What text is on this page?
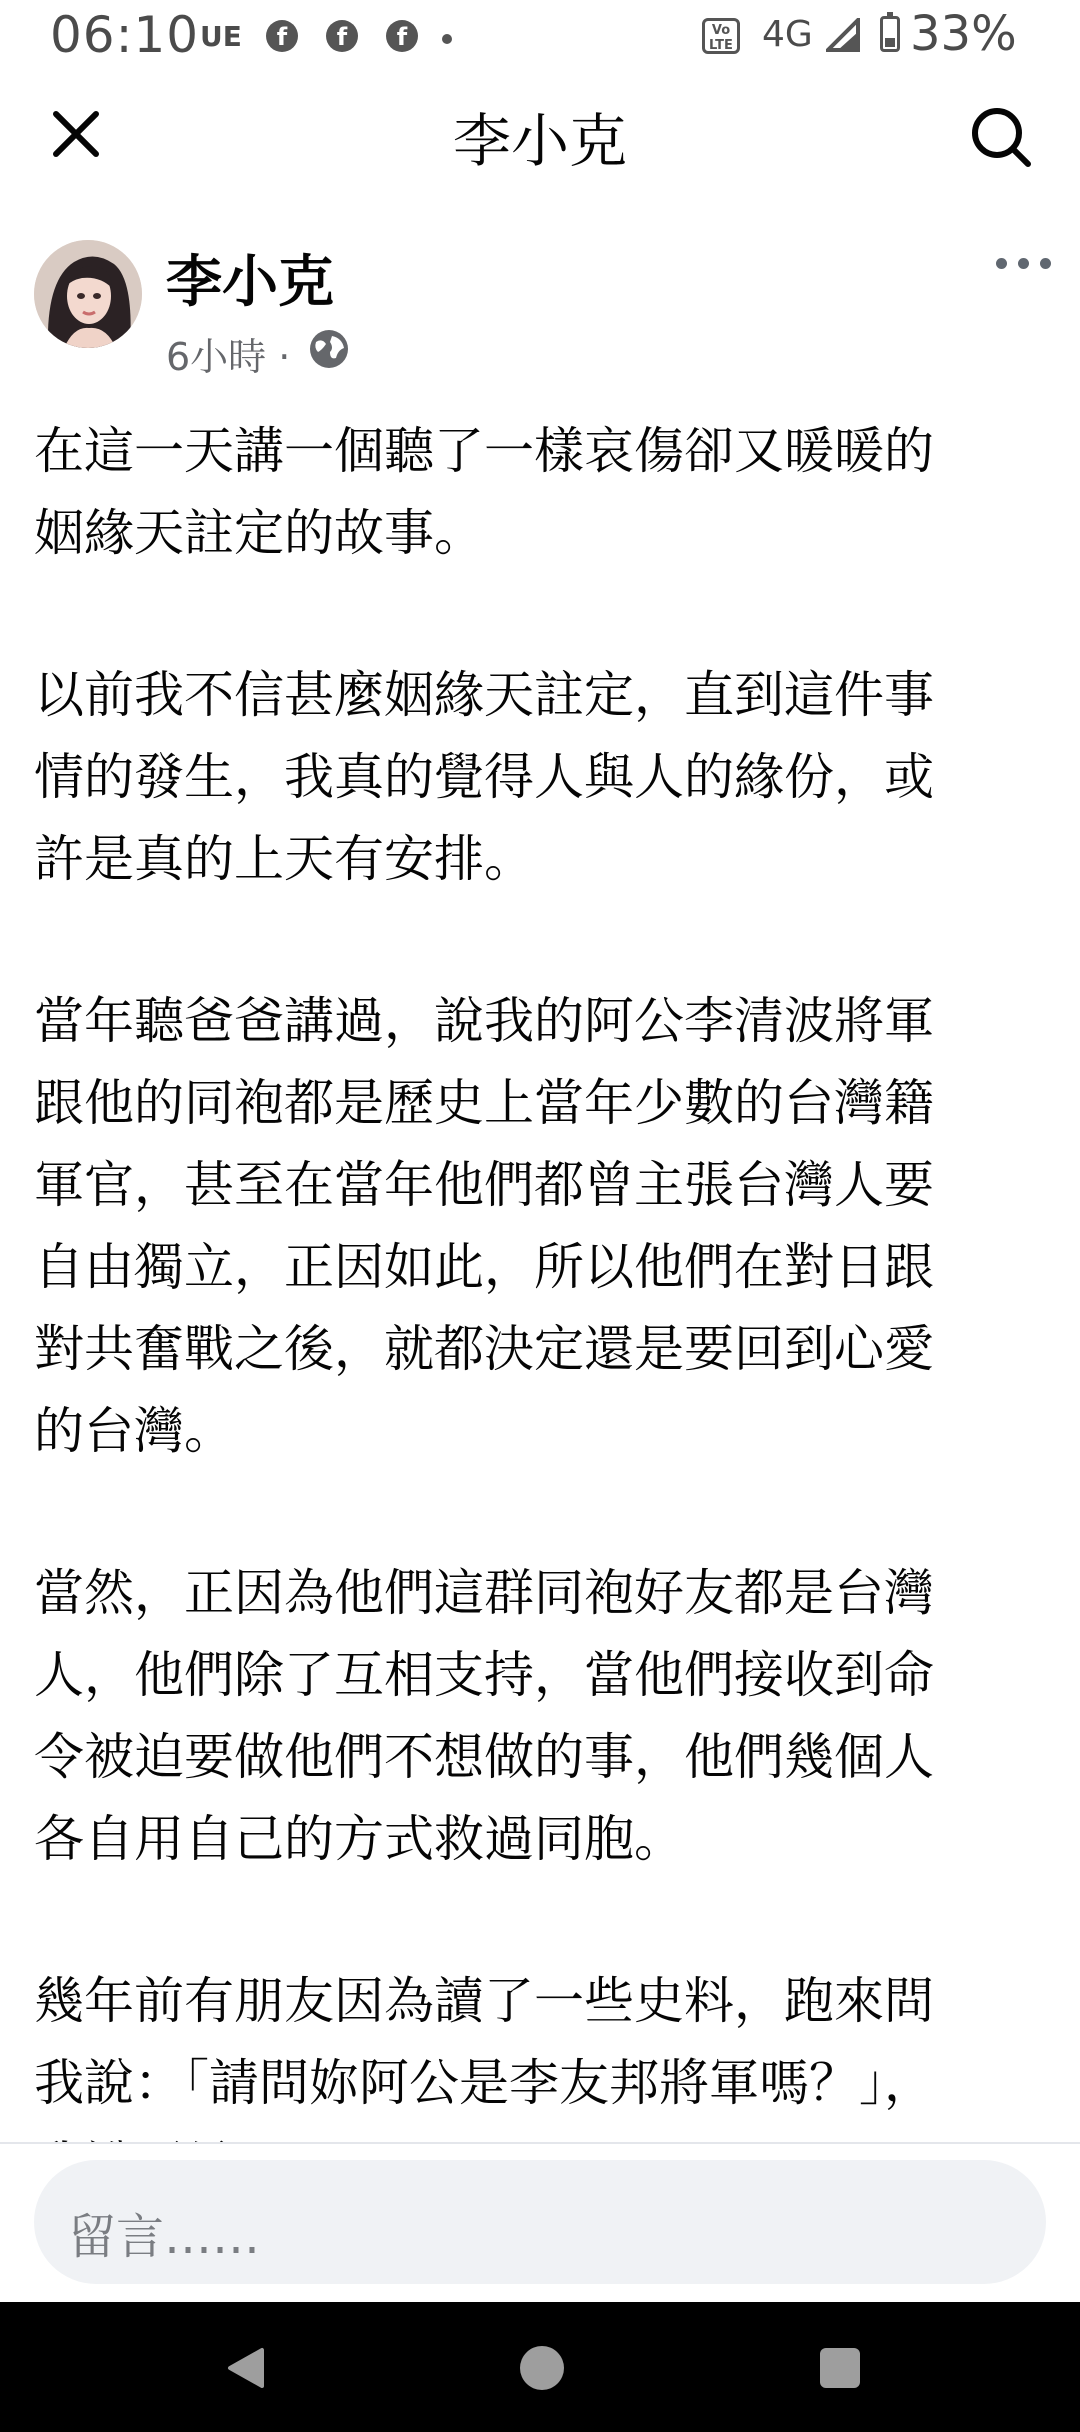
06:10 UE	f	f	f	Vo LTE 4G 33%
李小克
李小克
6小時 ·

在這一天講一個聽了一樣哀傷卻又暖暖的
姻緣天註定的故事。

以前我不信甚麼姻緣天註定，直到這件事
情的發生，我真的覺得人與人的緣份，或
許是真的上天有安排。

當年聽爸爸講過，說我的阿公李清波將軍
跟他的同袍都是歷史上當年少數的台灣籍
軍官，甚至在當年他們都曾主張台灣人要
自由獨立，正因如此，所以他們在對日跟
對共奮戰之後，就都決定還是要回到心愛
的台灣。

當然，正因為他們這群同袍好友都是台灣
人，他們除了互相支持，當他們接收到命
令被迫要做他們不想做的事，他們幾個人
各自用自己的方式救過同胞。

幾年前有朋友因為讀了一些史料，跑來問
我說：「請問妳阿公是李友邦將軍嗎？」，

留言……
